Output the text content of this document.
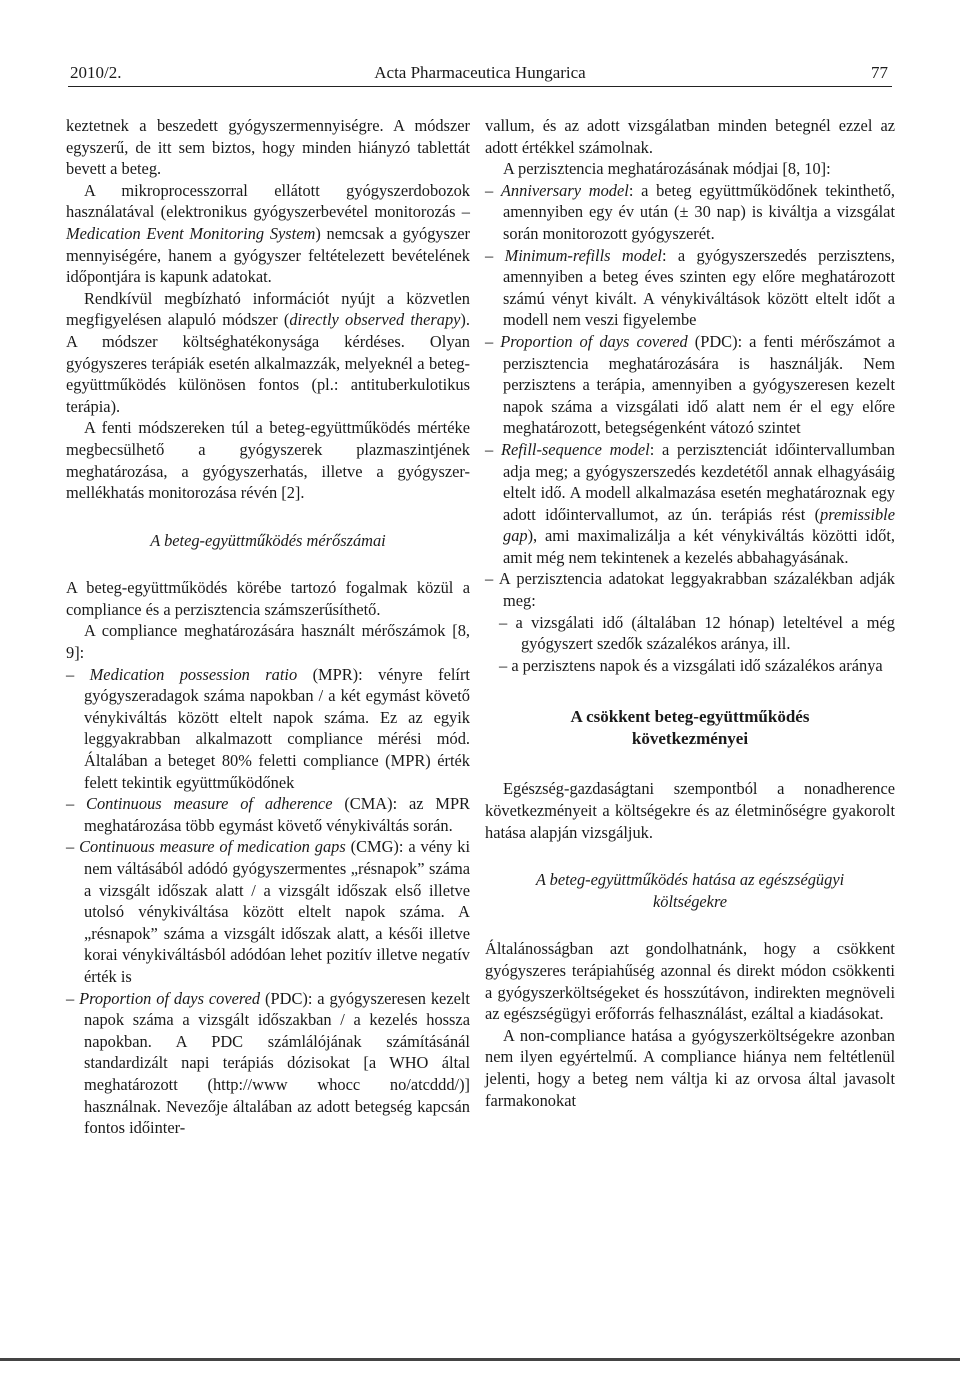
2010/2.	Acta Pharmaceutica Hungarica	77

keztetnek a beszedett gyógyszermennyiségre. A módszer egyszerű, de itt sem biztos, hogy minden hiányzó tablettát bevett a beteg.

A mikroprocesszorral ellátott gyógyszerdobozok használatával (elektronikus gyógyszerbevétel monitorozás – Medication Event Monitoring System) nemcsak a gyógyszer mennyiségére, hanem a gyógyszer feltételezett bevételének időpontjára is kapunk adatokat.

Rendkívül megbízható információt nyújt a közvetlen megfigyelésen alapuló módszer (directly observed therapy). A módszer költséghatékonysága kérdéses. Olyan gyógyszeres terápiák esetén alkalmazzák, melyeknél a beteg-együttműködés különösen fontos (pl.: antituberkulotikus terápia).

A fenti módszereken túl a beteg-együttműködés mértéke megbecsülhető a gyógyszerek plazmaszintjének meghatározása, a gyógyszerhatás, illetve a gyógyszer-mellékhatás monitorozása révén [2].

A beteg-együttműködés mérőszámai

A beteg-együttműködés körébe tartozó fogalmak közül a compliance és a perzisztencia számszerűsíthető.

A compliance meghatározására használt mérőszámok [8, 9]:

– Medication possession ratio (MPR): vényre felírt gyógyszeradagok száma napokban / a két egymást követő vénykiváltás között eltelt napok száma. Ez az egyik leggyakrabban alkalmazott compliance mérési mód. Általában a beteget 80% feletti compliance (MPR) érték felett tekintik együttműködőnek

– Continuous measure of adherence (CMA): az MPR meghatározása több egymást követő vénykiváltás során.

– Continuous measure of medication gaps (CMG): a vény ki nem váltásából adódó gyógyszermentes „résnapok” száma a vizsgált időszak alatt / a vizsgált időszak első illetve utolsó vénykiváltása között eltelt napok száma. A „résnapok” száma a vizsgált időszak alatt, a késői illetve korai vénykiváltásból adódóan lehet pozitív illetve negatív érték is

– Proportion of days covered (PDC): a gyógyszeresen kezelt napok száma a vizsgált időszakban / a kezelés hossza napokban. A PDC számlálójának számításánál standardizált napi terápiás dózisokat [a WHO által meghatározott (http://www whocc no/atcddd/)] használnak. Nevezője általában az adott betegség kapcsán fontos időinter-

vallum, és az adott vizsgálatban minden betegnél ezzel az adott értékkel számolnak.

A perzisztencia meghatározásának módjai [8, 10]:

– Anniversary model: a beteg együttműködőnek tekinthető, amennyiben egy év után (± 30 nap) is kiváltja a vizsgálat során monitorozott gyógyszerét.

– Minimum-refills model: a gyógyszerszedés perzisztens, amennyiben a beteg éves szinten egy előre meghatározott számú vényt kivált. A vénykiváltások között eltelt időt a modell nem veszi figyelembe

– Proportion of days covered (PDC): a fenti mérőszámot a perzisztencia meghatározására is használják. Nem perzisztens a terápia, amennyiben a gyógyszeresen kezelt napok száma a vizsgálati idő alatt nem ér el egy előre meghatározott, betegségenként vátozó szintet

– Refill-sequence model: a perzisztenciát időintervallumban adja meg; a gyógyszerszedés kezdetétől annak elhagyásáig eltelt idő. A modell alkalmazása esetén meghatároznak egy adott időintervallumot, az ún. terápiás rést (premissible gap), ami maximalizálja a két vénykiváltás közötti időt, amit még nem tekintenek a kezelés abbahagyásának.

– A perzisztencia adatokat leggyakrabban százalékban adják meg:

– a vizsgálati idő (általában 12 hónap) leteltével a még gyógyszert szedők százalékos aránya, ill.

– a perzisztens napok és a vizsgálati idő százalékos aránya

A csökkent beteg-együttműködés
következményei

Egészség-gazdaságtani szempontból a nonadherence következményeit a költségekre és az életminőségre gyakorolt hatása alapján vizsgáljuk.

A beteg-együttműködés hatása az egészségügyi
költségekre

Általánosságban azt gondolhatnánk, hogy a csökkent gyógyszeres terápiahűség azonnal és direkt módon csökkenti a gyógyszerköltségeket és hosszútávon, indirekten megnöveli az egészségügyi erőforrás felhasználást, ezáltal a kiadásokat.

A non-compliance hatása a gyógyszerköltségekre azonban nem ilyen egyértelmű. A compliance hiánya nem feltétlenül jelenti, hogy a beteg nem váltja ki az orvosa által javasolt farmakonokat
